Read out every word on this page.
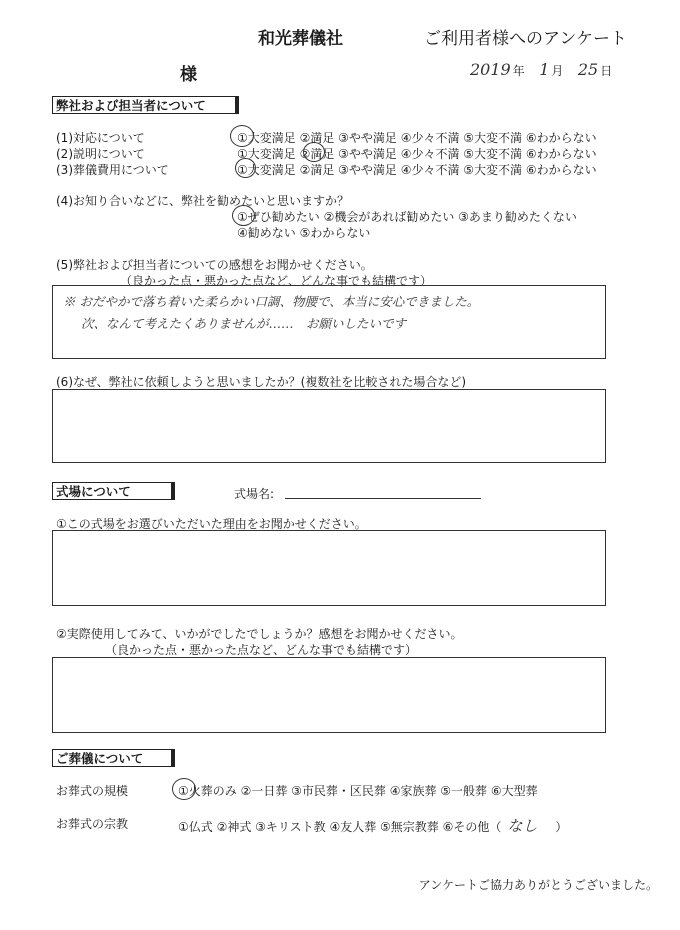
和光葬儀社	ご利用者様へのアンケート
様	2019 年 1 月 25 日
弊社および担当者について
(1)対応について	①大変満足 ②満足 ③やや満足 ④少々不満 ⑤大変不満 ⑥わからない
(2)説明について	①大変満足 ②満足 ③やや満足 ④少々不満 ⑤大変不満 ⑥わからない
(3)葬儀費用について	①大変満足 ②満足 ③やや満足 ④少々不満 ⑤大変不満 ⑥わからない
(4)お知り合いなどに、弊社を勧めたいと思いますか？
①ぜひ勧めたい ②機会があれば勧めたい ③あまり勧めたくない
④勧めない ⑤わからない
(5)弊社および担当者についての感想をお聞かせください。
（良かった点・悪かった点など、どんな事でも結構です）
※ おだやかで落ち着いた柔らかい口調、物腰で、本当に安心できました。
次、なんて考えたくありませんが……　お願いしたいです
(6)なぜ、弊社に依頼しようと思いましたか？(複数社を比較された場合など)
式場について	式場名:
①この式場をお選びいただいた理由をお聞かせください。
②実際使用してみて、いかがでしたでしょうか？感想をお聞かせください。
（良かった点・悪かった点など、どんな事でも結構です）
ご葬儀について
お葬式の規模	①火葬のみ ②一日葬 ③市民葬・区民葬 ④家族葬 ⑤一般葬 ⑥大型葬
お葬式の宗教	①仏式 ②神式 ③キリスト教 ④友人葬 ⑤無宗教葬 ⑥その他（ なし ）
アンケートご協力ありがとうございました。
